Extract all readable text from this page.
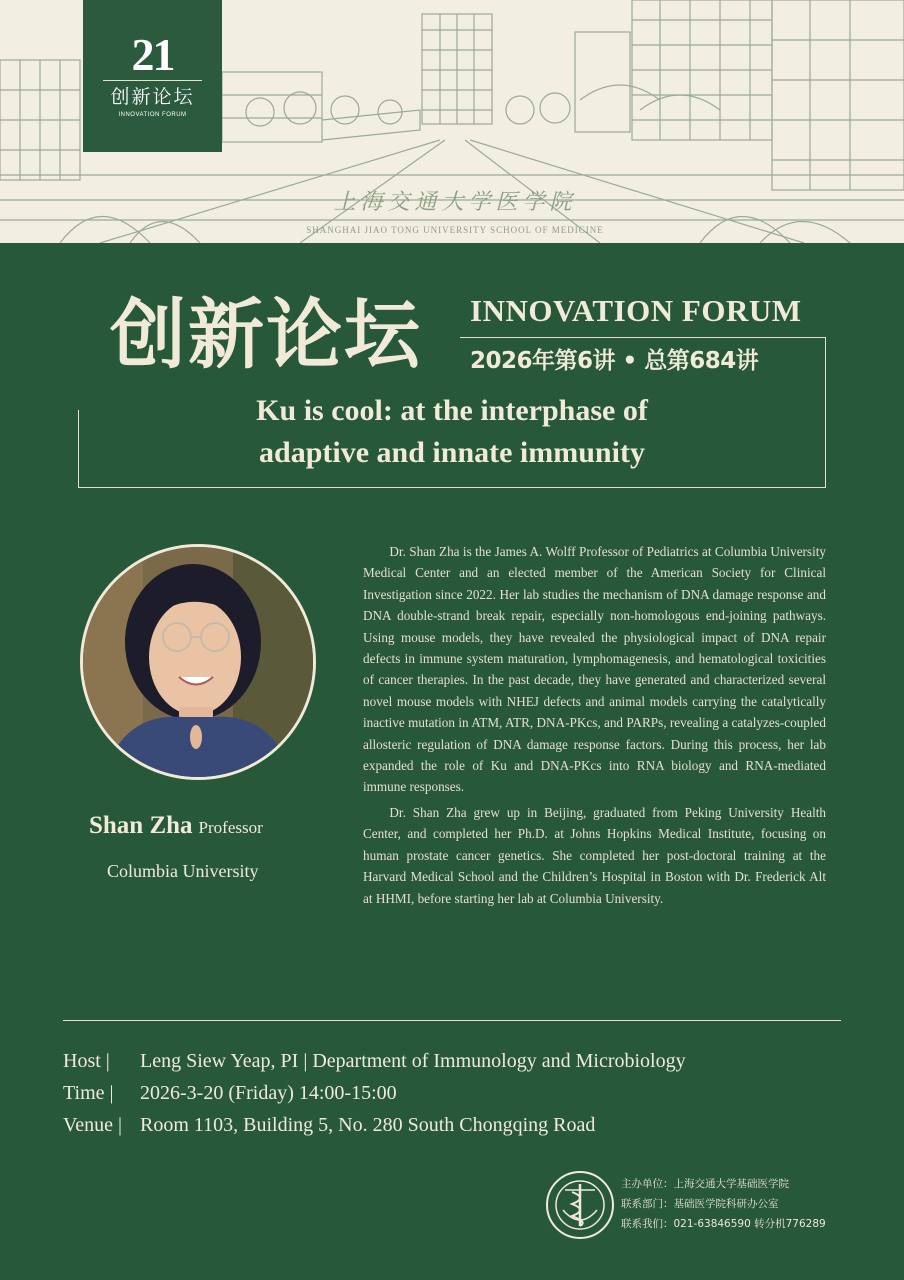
21
创新论坛
INNOVATION FORUM
上海交通大学医学院
SHANGHAI JIAO TONG UNIVERSITY SCHOOL OF MEDICINE
创新论坛 INNOVATION FORUM
2026年第6讲 • 总第684讲
Ku is cool: at the interphase of
adaptive and innate immunity
Shan Zha Professor
Columbia University

Dr. Shan Zha is the James A. Wolff Professor of Pediatrics at Columbia University Medical Center and an elected member of the American Society for Clinical Investigation since 2022. Her lab studies the mechanism of DNA damage response and DNA double-strand break repair, especially non-homologous end-joining pathways. Using mouse models, they have revealed the physiological impact of DNA repair defects in immune system maturation, lymphomagenesis, and hematological toxicities of cancer therapies. In the past decade, they have generated and characterized several novel mouse models with NHEJ defects and animal models carrying the catalytically inactive mutation in ATM, ATR, DNA-PKcs, and PARPs, revealing a catalyzes-coupled allosteric regulation of DNA damage response factors. During this process, her lab expanded the role of Ku and DNA-PKcs into RNA biology and RNA-mediated immune responses.

Dr. Shan Zha grew up in Beijing, graduated from Peking University Health Center, and completed her Ph.D. at Johns Hopkins Medical Institute, focusing on human prostate cancer genetics. She completed her post-doctoral training at the Harvard Medical School and the Children’s Hospital in Boston with Dr. Frederick Alt at HHMI, before starting her lab at Columbia University.

Host | Leng Siew Yeap, PI | Department of Immunology and Microbiology
Time | 2026-3-20 (Friday) 14:00-15:00
Venue | Room 1103, Building 5, No. 280 South Chongqing Road
主办单位：上海交通大学基础医学院
联系部门：基础医学院科研办公室
联系我们：021-63846590 转分机776289
